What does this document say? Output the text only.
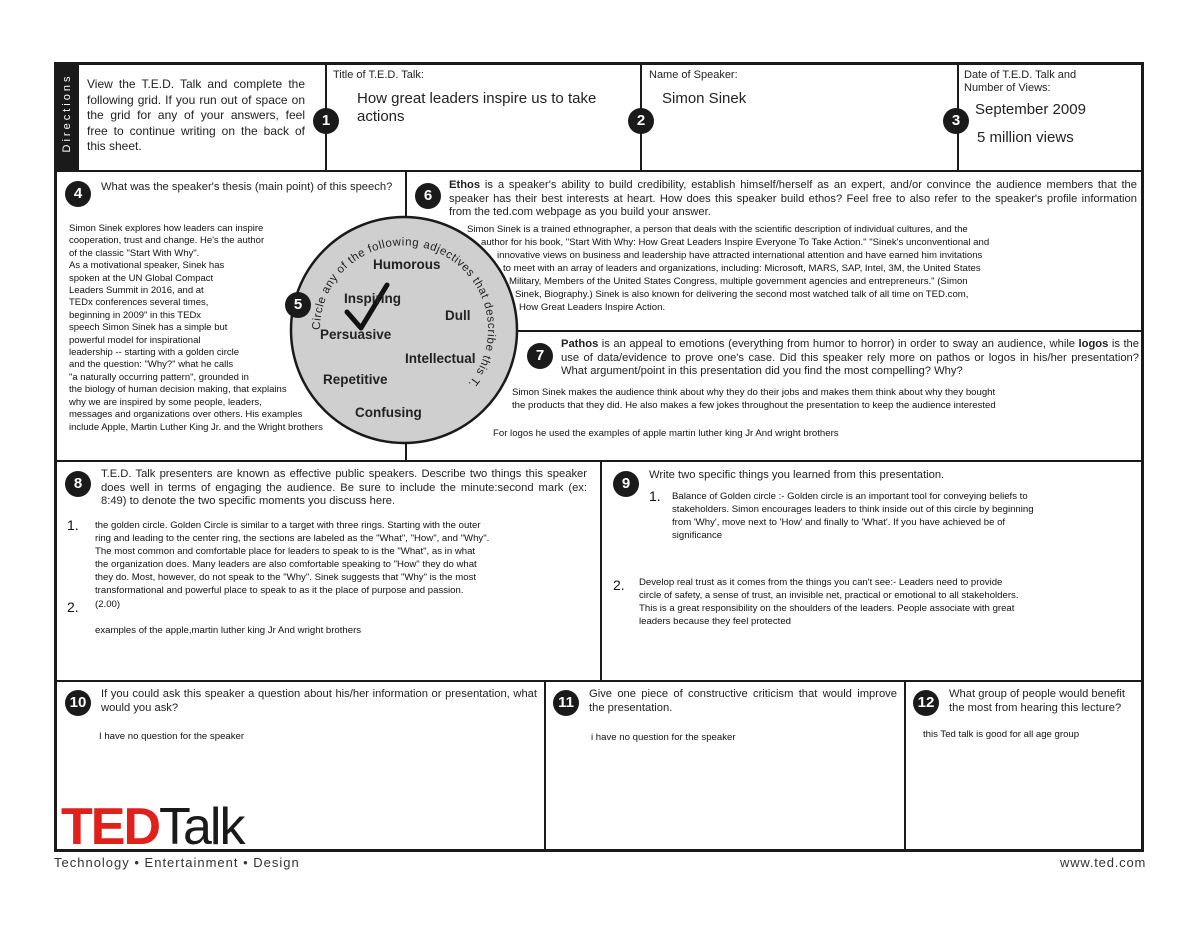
Directions View the T.E.D. Talk and complete the following grid. If you run out of space on the grid for any of your answers, feel free to continue writing on the back of this sheet.
Title of T.E.D. Talk:
How great leaders inspire us to take actions
1
Name of Speaker:
Simon Sinek
2
Date of T.E.D. Talk and Number of Views:
September 2009
5 million views
3
4	What was the speaker's thesis (main point) of this speech?
Simon Sinek explores how leaders can inspire
cooperation, trust and change. He's the author
of the classic "Start With Why".
As a motivational speaker, Sinek has
spoken at the UN Global Compact
Leaders Summit in 2016, and at
TEDx conferences several times,
beginning in 2009" in this TEDx
speech Simon Sinek has a simple but
powerful model for inspirational
leadership -- starting with a golden circle
and the question: "Why?" what he calls
"a naturally occurring pattern", grounded in
the biology of human decision making, that explains
why we are inspired by some people, leaders,
messages and organizations over others. His examples
include Apple, Martin Luther King Jr. and the Wright brothers
6
Ethos is a speaker's ability to build credibility, establish himself/herself as an expert, and/or convince the audience members that the speaker has their best interests at heart. How does this speaker build ethos? Feel free to also refer to the speaker's profile information from the ted.com webpage as you build your answer.
Simon Sinek is a trained ethnographer, a person that deals with the scientific description of individual cultures, and the
author for his book, "Start With Why: How Great Leaders Inspire Everyone To Take Action." "Sinek's unconventional and
innovative views on business and leadership have attracted international attention and have earned him invitations
to meet with an array of leaders and organizations, including: Microsoft, MARS, SAP, Intel, 3M, the United States
Military, Members of the United States Congress, multiple government agencies and entrepreneurs." (Simon
Sinek, Biography.) Sinek is also known for delivering the second most watched talk of all time on TED.com,
How Great Leaders Inspire Action.
7
Pathos is an appeal to emotions (everything from humor to horror) in order to sway an audience, while logos is the use of data/evidence to prove one's case. Did this speaker rely more on pathos or logos in his/her presentation? What argument/point in this presentation did you find the most compelling? Why?
Simon Sinek makes the audience think about why they do their jobs and makes them think about why they bought
the products that they did. He also makes a few jokes throughout the presentation to keep the audience interested
For logos he used the examples of apple martin luther king Jr And wright brothers
Circle any of the following adjectives that describe this T.E.D. talk.
5
Humorous
Inspiring
Dull
Persuasive
Intellectual
Repetitive
Confusing
8
T.E.D. Talk presenters are known as effective public speakers. Describe two things this speaker does well in terms of engaging the audience. Be sure to include the minute:second mark (ex: 8:49) to denote the two specific moments you discuss here.
1. the golden circle. Golden Circle is similar to a target with three rings. Starting with the outer
ring and leading to the center ring, the sections are labeled as the "What", "How", and "Why".
The most common and comfortable place for leaders to speak to is the "What", as in what
the organization does. Many leaders are also comfortable speaking to "How" they do what
they do. Most, however, do not speak to the "Why". Sinek suggests that "Why" is the most
transformational and powerful place to speak to as it the place of purpose and passion.
2. (2.00)
examples of the apple,martin luther king Jr And wright brothers
9	Write two specific things you learned from this presentation.
1. Balance of Golden circle :- Golden circle is an important tool for conveying beliefs to
stakeholders. Simon encourages leaders to think inside out of this circle by beginning
from 'Why', move next to 'How' and finally to 'What'. If you have achieved be of
significance
2. Develop real trust as it comes from the things you can't see:- Leaders need to provide
circle of safety, a sense of trust, an invisible net, practical or emotional to all stakeholders.
This is a great responsibility on the shoulders of the leaders. People associate with great
leaders because they feel protected
10	If you could ask this speaker a question about his/her information or presentation, what would you ask?
I have no question for the speaker
11	Give one piece of constructive criticism that would improve the presentation.
i have no question for the speaker
12	What group of people would benefit the most from hearing this lecture?
this Ted talk is good for all age group
TEDTalk
Technology • Entertainment • Design	www.ted.com
